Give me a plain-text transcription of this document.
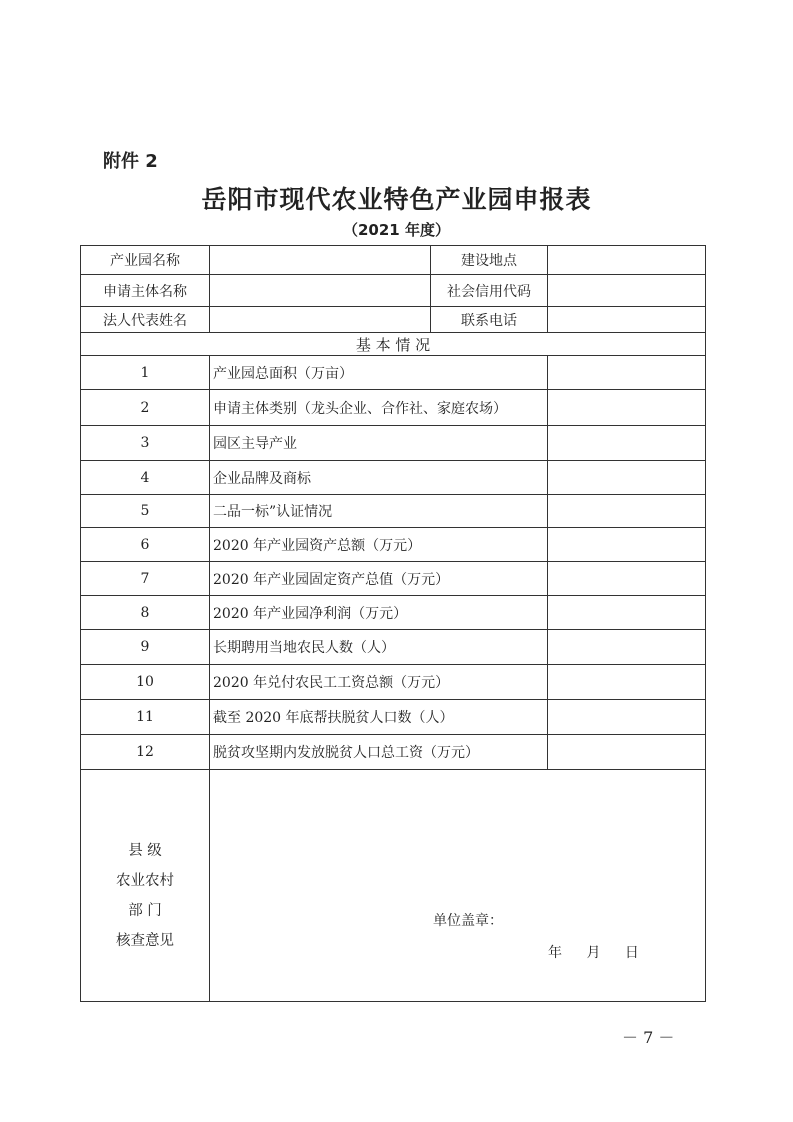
附件 2
岳阳市现代农业特色产业园申报表
（2021 年度）
产业园名称	建设地点
申请主体名称	社会信用代码
法人代表姓名	联系电话
基 本 情 况
1	产业园总面积（万亩）
2	申请主体类别（龙头企业、合作社、家庭农场）
3	园区主导产业
4	企业品牌及商标
5	二品一标”认证情况
6	2020 年产业园资产总额（万元）
7	2020 年产业园固定资产总值（万元）
8	2020 年产业园净利润（万元）
9	长期聘用当地农民人数（人）
10	2020 年兑付农民工工资总额（万元）
11	截至 2020 年底帮扶脱贫人口数（人）
12	脱贫攻坚期内发放脱贫人口总工资（万元）
县 级
农业农村
部 门
核查意见
单位盖章：
年 月 日
－ 7 －
